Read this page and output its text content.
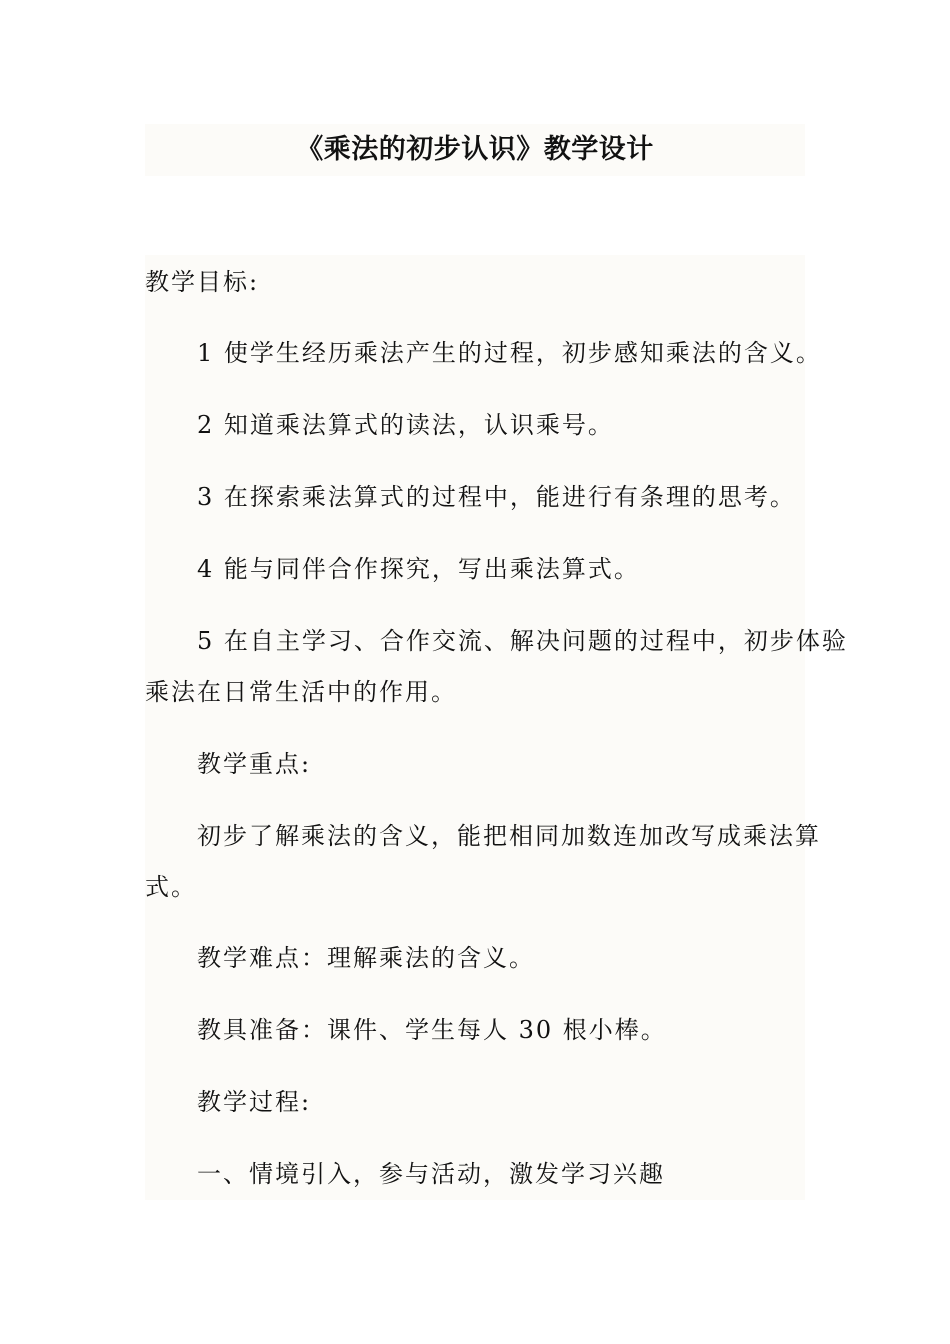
《乘法的初步认识》教学设计
教学目标:
1 使学生经历乘法产生的过程，初步感知乘法的含义。
2 知道乘法算式的读法，认识乘号。
3 在探索乘法算式的过程中，能进行有条理的思考。
4 能与同伴合作探究，写出乘法算式。
5 在自主学习、合作交流、解决问题的过程中，初步体验
乘法在日常生活中的作用。
教学重点:
初步了解乘法的含义，能把相同加数连加改写成乘法算
式。
教学难点：理解乘法的含义。
教具准备：课件、学生每人 30 根小棒。
教学过程:
一、情境引入，参与活动，激发学习兴趣
